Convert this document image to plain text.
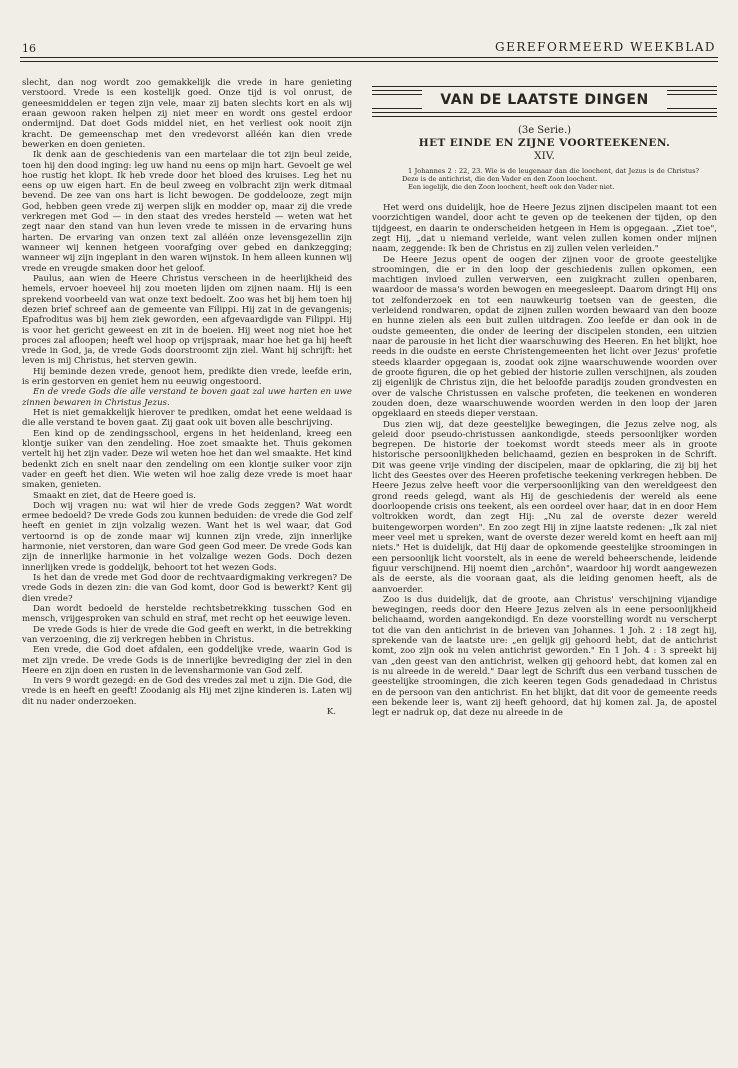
16	GEREFORMEERD WEEKBLAD

slecht, dan nog wordt zoo gemakkelijk die vrede in hare genieting verstoord. Vrede is een kostelijk goed. Onze tijd is vol onrust, de geneesmiddelen er tegen zijn vele, maar zij baten slechts kort en als wij eraan gewoon raken helpen zij niet meer en wordt ons gestel erdoor ondermijnd. Dat doet Gods middel niet, en het verliest ook nooit zijn kracht. De gemeenschap met den vredevorst alléén kan dien vrede bewerken en doen genieten.

Ik denk aan de geschiedenis van een martelaar die tot zijn beul zeide, toen hij den dood inging: leg uw hand nu eens op mijn hart. Gevoelt ge wel hoe rustig het klopt. Ik heb vrede door het bloed des kruises. Leg het nu eens op uw eigen hart. En de beul zweeg en volbracht zijn werk ditmaal bevend. De zee van ons hart is licht bewogen. De goddelooze, zegt mijn God, hebben geen vrede zij werpen slijk en modder op, maar zij die vrede verkregen met God — in den staat des vredes hersteld — weten wat het zegt naar den stand van hun leven vrede te missen in de ervaring huns harten. De ervaring van onzen text zal alléén onze levensgezellin zijn wanneer wij kennen hetgeen voorafging over gebed en dankzegging; wanneer wij zijn ingeplant in den waren wijnstok. In hem alleen kunnen wij vrede en vreugde smaken door het geloof.

Paulus, aan wien de Heere Christus verscheen in de heerlijkheid des hemels, ervoer hoeveel hij zou moeten lijden om zijnen naam. Hij is een sprekend voorbeeld van wat onze text bedoelt. Zoo was het bij hem toen hij dezen brief schreef aan de gemeente van Filippi. Hij zat in de gevangenis; Epafroditus was bij hem ziek geworden, een afgevaardigde van Filippi. Hij is voor het gericht geweest en zit in de boeien. Hij weet nog niet hoe het proces zal afloopen; heeft wel hoop op vrijspraak, maar hoe het ga hij heeft vrede in God, ja, de vrede Gods doorstroomt zijn ziel. Want hij schrijft: het leven is mij Christus, het sterven gewin.

Hij beminde dezen vrede, genoot hem, predikte dien vrede, leefde erin, is erin gestorven en geniet hem nu eeuwig ongestoord.

En de vrede Gods die alle verstand te boven gaat zal uwe harten en uwe zinnen bewaren in Christus Jezus.

Het is niet gemakkelijk hierover te prediken, omdat het eene weldaad is die alle verstand te boven gaat. Zij gaat ook uit boven alle beschrijving.

Een kind op de zendingsschool, ergens in het heidenland, kreeg een klontje suiker van den zendeling. Hoe zoet smaakte het. Thuis gekomen vertelt hij het zijn vader. Deze wil weten hoe het dan wel smaakte. Het kind bedenkt zich en snelt naar den zendeling om een klontje suiker voor zijn vader en geeft het dien. Wie weten wil hoe zalig deze vrede is moet haar smaken, genieten.

Smaakt en ziet, dat de Heere goed is.

Doch wij vragen nu: wat wil hier de vrede Gods zeggen? Wat wordt ermee bedoeld? De vrede Gods zou kunnen beduiden: de vrede die God zelf heeft en geniet in zijn volzalig wezen. Want het is wel waar, dat God vertoornd is op de zonde maar wij kunnen zijn vrede, zijn innerlijke harmonie, niet verstoren, dan ware God geen God meer. De vrede Gods kan zijn de innerlijke harmonie in het volzalige wezen Gods. Doch dezen innerlijken vrede is goddelijk, behoort tot het wezen Gods.

Is het dan de vrede met God door de rechtvaardigmaking verkregen? De vrede Gods in dezen zin: die van God komt, door God is bewerkt? Kent gij dien vrede?

Dan wordt bedoeld de herstelde rechtsbetrekking tusschen God en mensch, vrijgesproken van schuld en straf, met recht op het eeuwige leven.

De vrede Gods is hier de vrede die God geeft en werkt, in die betrekking van verzoening, die zij verkregen hebben in Christus.

Een vrede, die God doet afdalen, een goddelijke vrede, waarin God is met zijn vrede. De vrede Gods is de innerlijke bevrediging der ziel in den Heere en zijn doen en rusten in de levensharmonie van God zelf.

In vers 9 wordt gezegd: en de God des vredes zal met u zijn. Die God, die vrede is en heeft en geeft! Zoodanig als Hij met zijne kinderen is. Laten wij dit nu nader onderzoeken.

K.

VAN DE LAATSTE DINGEN
(3e Serie.)
HET EINDE EN ZIJNE VOORTEEKENEN.
XIV.

1 Johannes 2 : 22, 23. Wie is de leugenaar dan die loochent, dat Jezus is de Christus? Deze is de antichrist, die den Vader en den Zoon loochent.

Een iegelijk, die den Zoon loochent, heeft ook den Vader niet.

Het werd ons duidelijk, hoe de Heere Jezus zijnen discipelen maant tot een voorzichtigen wandel, door acht te geven op de teekenen der tijden, op den tijdgeest, en daarin te onderscheiden hetgeen in Hem is opgegaan. „Ziet toe", zegt Hij, „dat u niemand verleide, want velen zullen komen onder mijnen naam, zeggende: Ik ben de Christus en zij zullen velen verleiden."

De Heere Jezus opent de oogen der zijnen voor de groote geestelijke stroomingen, die er in den loop der geschiedenis zullen opkomen, een machtigen invloed zullen verwerven, een zuigkracht zullen openbaren, waardoor de massa's worden bewogen en meegesleept. Daarom dringt Hij ons tot zelfonderzoek en tot een nauwkeurig toetsen van de geesten, die verleidend rondwaren, opdat de zijnen zullen worden bewaard van den booze en hunne zielen als een buit zullen uitdragen. Zoo leefde er dan ook in de oudste gemeenten, die onder de leering der discipelen stonden, een uitzien naar de parousie in het licht dier waarschuwing des Heeren. En het blijkt, hoe reeds in die oudste en eerste Christengemeenten het licht over Jezus' profetie steeds klaarder opgegaan is, zoodat ook zijne waarschuwende woorden over de groote figuren, die op het gebied der historie zullen verschijnen, als zouden zij eigenlijk de Christus zijn, die het beloofde paradijs zouden grondvesten en over de valsche Christussen en valsche profeten, die teekenen en wonderen zouden doen, deze waarschuwende woorden werden in den loop der jaren opgeklaard en steeds dieper verstaan.

Dus zien wij, dat deze geestelijke bewegingen, die Jezus zelve nog, als geleid door pseudo-christussen aankondigde, steeds persoonlijker worden begrepen. De historie der toekomst wordt steeds meer als in groote historische persoonlijkheden belichaamd, gezien en besproken in de Schrift. Dit was geene vrije vinding der discipelen, maar de opklaring, die zij bij het licht des Geestes over des Heeren profetische teekening verkregen hebben. De Heere Jezus zelve heeft voor die verpersoonlijking van den wereldgeest den grond reeds gelegd, want als Hij de geschiedenis der wereld als eene doorloopende crisis ons teekent, als een oordeel over haar, dat in en door Hem voltrokken wordt, dan zegt Hij: „Nu zal de overste dezer wereld buitengeworpen worden". En zoo zegt Hij in zijne laatste redenen: „Ik zal niet meer veel met u spreken, want de overste dezer wereld komt en heeft aan mij niets." Het is duidelijk, dat Hij daar de opkomende geestelijke stroomingen in een persoonlijk licht voorstelt, als in eene de wereld beheerschende, leidende figuur verschijnend. Hij noemt dien „archôn", waardoor hij wordt aangewezen als de eerste, als die vooraan gaat, als die leiding genomen heeft, als de aanvoerder.

Zoo is dus duidelijk, dat de groote, aan Christus' verschijning vijandige bewegingen, reeds door den Heere Jezus zelven als in eene persoonlijkheid belichaamd, worden aangekondigd. En deze voorstelling wordt nu verscherpt tot die van den antichrist in de brieven van Johannes. 1 Joh. 2 : 18 zegt hij, sprekende van de laatste ure: „en gelijk gij gehoord hebt, dat de antichrist komt, zoo zijn ook nu velen antichrist geworden." En 1 Joh. 4 : 3 spreekt hij van „den geest van den antichrist, welken gij gehoord hebt, dat komen zal en is nu alreede in de wereld." Daar legt de Schrift dus een verband tusschen de geestelijke stroomingen, die zich keeren tegen Gods genadedaad in Christus en de persoon van den antichrist. En het blijkt, dat dit voor de gemeente reeds een bekende leer is, want zij heeft gehoord, dat hij komen zal. Ja, de apostel legt er nadruk op, dat deze nu alreede in de
